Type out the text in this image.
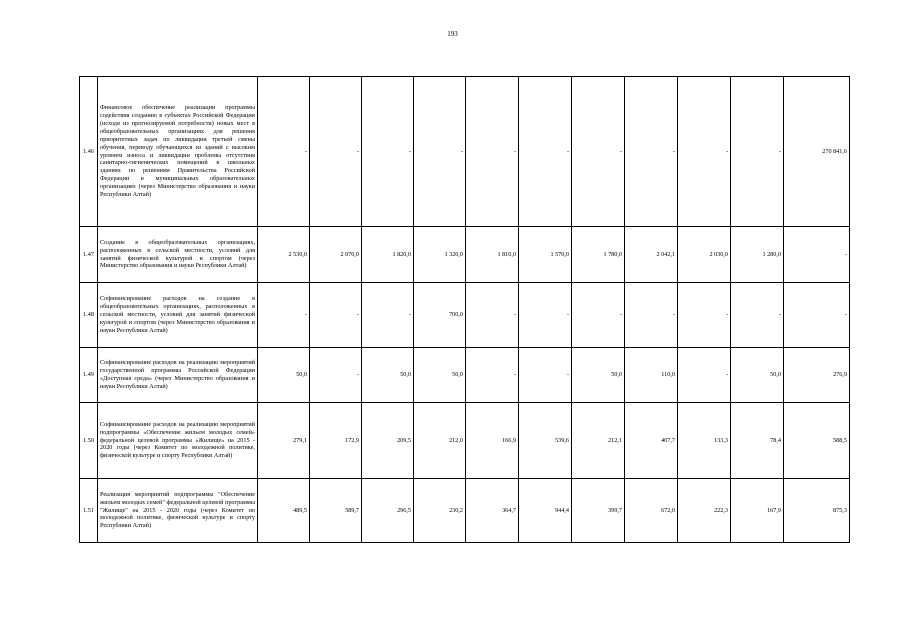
193
1.46	Финансовое обеспечение реализации программы содействия созданию в субъектах Российской Федерации (исходя из прогнозируемой потребности) новых мест в общеобразовательных организациях для решения приоритетных задач по ликвидации третьей смены обучения, переводу обучающихся из зданий с высоким уровнем износа и ликвидации проблемы отсутствия санитарно-гигиенических помещений в школьных зданиях по решениям Правительства Российской Федерации в муниципальных образовательных организациях (через Министерство образования и науки Республики Алтай)	-	-	-	-	-	-	-	-	-	-	270 841,6
1.47	Создание в общеобразовательных организациях, расположенных в сельской местности, условий для занятий физической культурой и спортом (через Министерство образования и науки Республики Алтай)	2 530,0	2 070,0	1 820,0	1 320,0	1 810,0	1 570,0	1 780,0	2 042,1	2 030,0	1 280,0	-
1.48	Софинансирование расходов на создание в общеобразовательных организациях, расположенных в сельской местности, условий для занятий физической культурой и спортом (через Министерство образования и науки Республики Алтай)	-	-	-	700,0	-	-	-	-	-	-	-
1.49	Софинансирование расходов на реализацию мероприятий государственной программы Российской Федерации «Доступная среда» (через Министерство образования и науки Республики Алтай)	50,0	-	50,0	50,0	-	-	50,0	110,0	-	50,0	276,9
1.50	Софинансирование расходов на реализацию мероприятий подпрограммы «Обеспечение жильем молодых семей» федеральной целевой программы «Жилище» на 2015 - 2020 годы (через Комитет по молодежной политике, физической культуре и спорту Республики Алтай)	279,1	172,9	209,5	212,0	166,9	539,6	212,1	407,7	133,3	78,4	588,5
1.51	Реализация мероприятий подпрограммы "Обеспечение жильем молодых семей" федеральной целевой программы "Жилище" на 2015 - 2020 годы (через Комитет по молодежной политике, физической культуре и спорту Республики Алтай)	489,5	589,7	296,5	230,2	364,7	944,4	399,7	672,0	222,3	167,9	875,3
